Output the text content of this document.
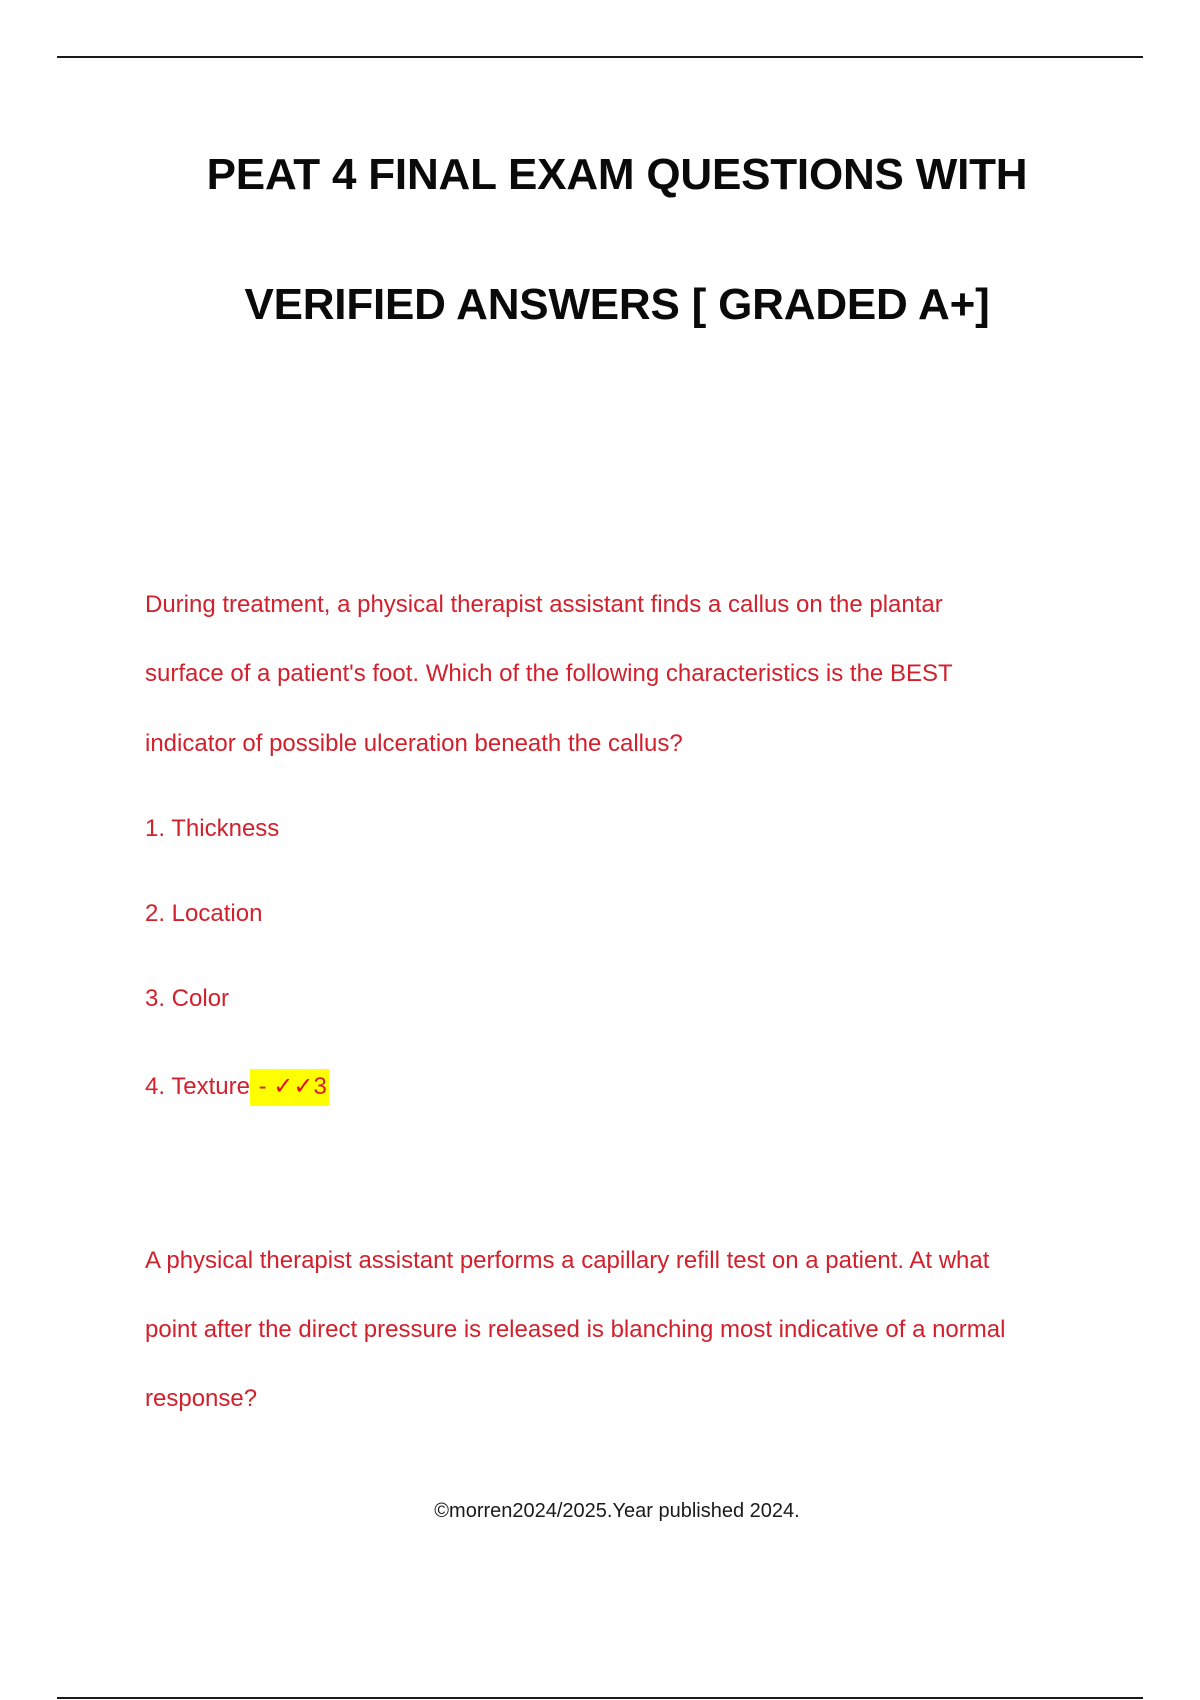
PEAT 4 FINAL EXAM QUESTIONS WITH
VERIFIED ANSWERS [ GRADED A+]
During treatment, a physical therapist assistant finds a callus on the plantar
surface of a patient's foot. Which of the following characteristics is the BEST
indicator of possible ulceration beneath the callus?
1. Thickness
2. Location
3. Color
4. Texture - ✓✓3
A physical therapist assistant performs a capillary refill test on a patient. At what
point after the direct pressure is released is blanching most indicative of a normal
response?
©morren2024/2025.Year published 2024.
